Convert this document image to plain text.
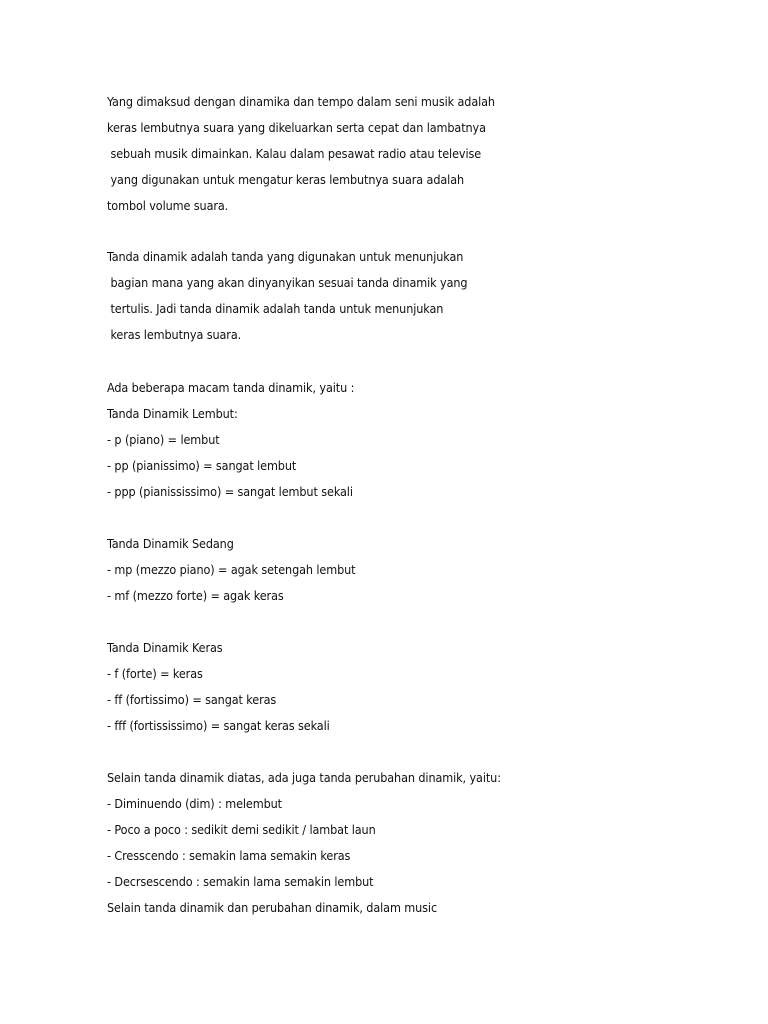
Yang dimaksud dengan dinamika dan tempo dalam seni musik adalah
keras lembutnya suara yang dikeluarkan serta cepat dan lambatnya
sebuah musik dimainkan. Kalau dalam pesawat radio atau televise
yang digunakan untuk mengatur keras lembutnya suara adalah
tombol volume suara.
Tanda dinamik adalah tanda yang digunakan untuk menunjukan
bagian mana yang akan dinyanyikan sesuai tanda dinamik yang
tertulis. Jadi tanda dinamik adalah tanda untuk menunjukan
keras lembutnya suara.
Ada beberapa macam tanda dinamik, yaitu :
Tanda Dinamik Lembut:
- p (piano) = lembut
- pp (pianissimo) = sangat lembut
- ppp (pianississimo) = sangat lembut sekali
Tanda Dinamik Sedang
- mp (mezzo piano) = agak setengah lembut
- mf (mezzo forte) = agak keras
Tanda Dinamik Keras
- f (forte) = keras
- ff (fortissimo) = sangat keras
- fff (fortississimo) = sangat keras sekali
Selain tanda dinamik diatas, ada juga tanda perubahan dinamik, yaitu:
- Diminuendo (dim) : melembut
- Poco a poco : sedikit demi sedikit / lambat laun
- Cresscendo : semakin lama semakin keras
- Decrsescendo : semakin lama semakin lembut
Selain tanda dinamik dan perubahan dinamik, dalam music
